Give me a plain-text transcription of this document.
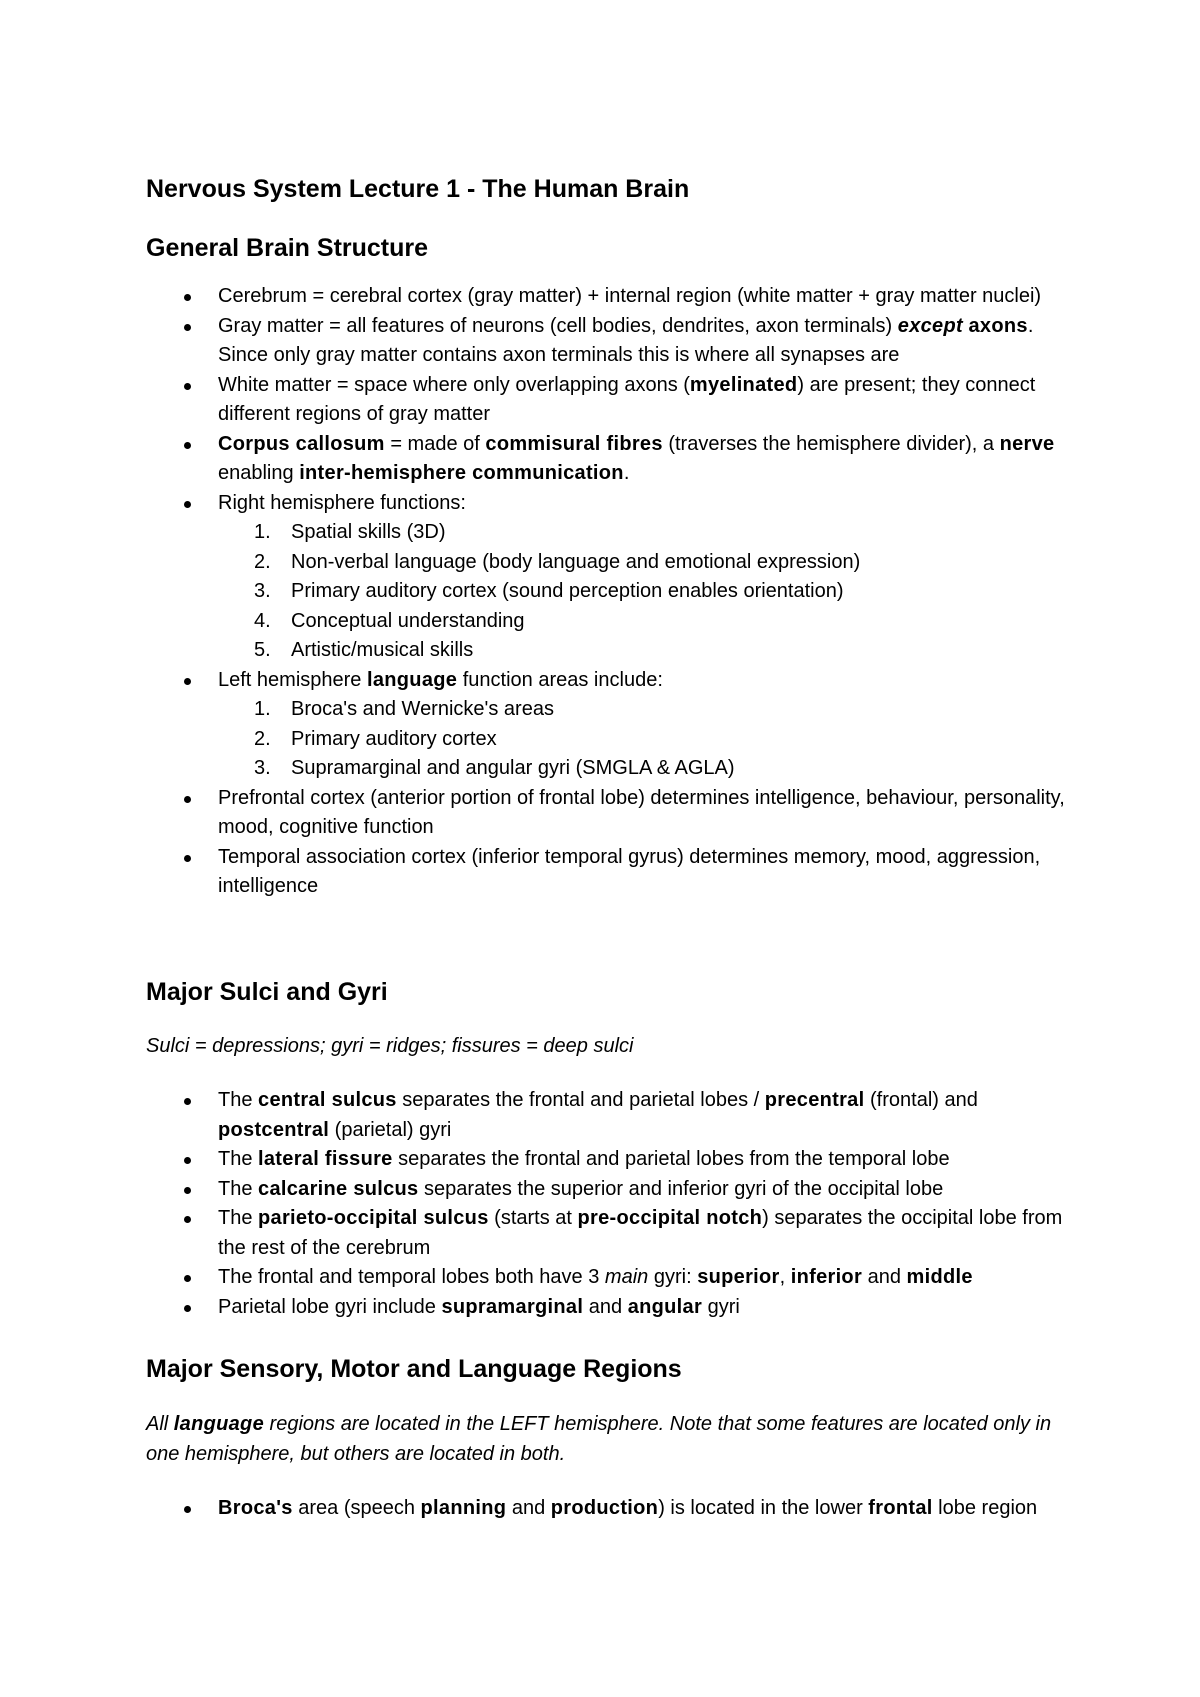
Nervous System Lecture 1 - The Human Brain
General Brain Structure
Cerebrum = cerebral cortex (gray matter) + internal region (white matter + gray matter nuclei)
Gray matter = all features of neurons (cell bodies, dendrites, axon terminals) except axons. Since only gray matter contains axon terminals this is where all synapses are
White matter = space where only overlapping axons (myelinated) are present; they connect different regions of gray matter
Corpus callosum = made of commisural fibres (traverses the hemisphere divider), a nerve enabling inter-hemisphere communication.
Right hemisphere functions:
1. Spatial skills (3D)
2. Non-verbal language (body language and emotional expression)
3. Primary auditory cortex (sound perception enables orientation)
4. Conceptual understanding
5. Artistic/musical skills
Left hemisphere language function areas include:
1. Broca's and Wernicke's areas
2. Primary auditory cortex
3. Supramarginal and angular gyri (SMGLA & AGLA)
Prefrontal cortex (anterior portion of frontal lobe) determines intelligence, behaviour, personality, mood, cognitive function
Temporal association cortex (inferior temporal gyrus) determines memory, mood, aggression, intelligence
Major Sulci and Gyri

Sulci = depressions; gyri = ridges; fissures = deep sulci

The central sulcus separates the frontal and parietal lobes / precentral (frontal) and postcentral (parietal) gyri
The lateral fissure separates the frontal and parietal lobes from the temporal lobe
The calcarine sulcus separates the superior and inferior gyri of the occipital lobe
The parieto-occipital sulcus (starts at pre-occipital notch) separates the occipital lobe from the rest of the cerebrum
The frontal and temporal lobes both have 3 main gyri: superior, inferior and middle
Parietal lobe gyri include supramarginal and angular gyri
Major Sensory, Motor and Language Regions

All language regions are located in the LEFT hemisphere. Note that some features are located only in one hemisphere, but others are located in both.

Broca's area (speech planning and production) is located in the lower frontal lobe region
